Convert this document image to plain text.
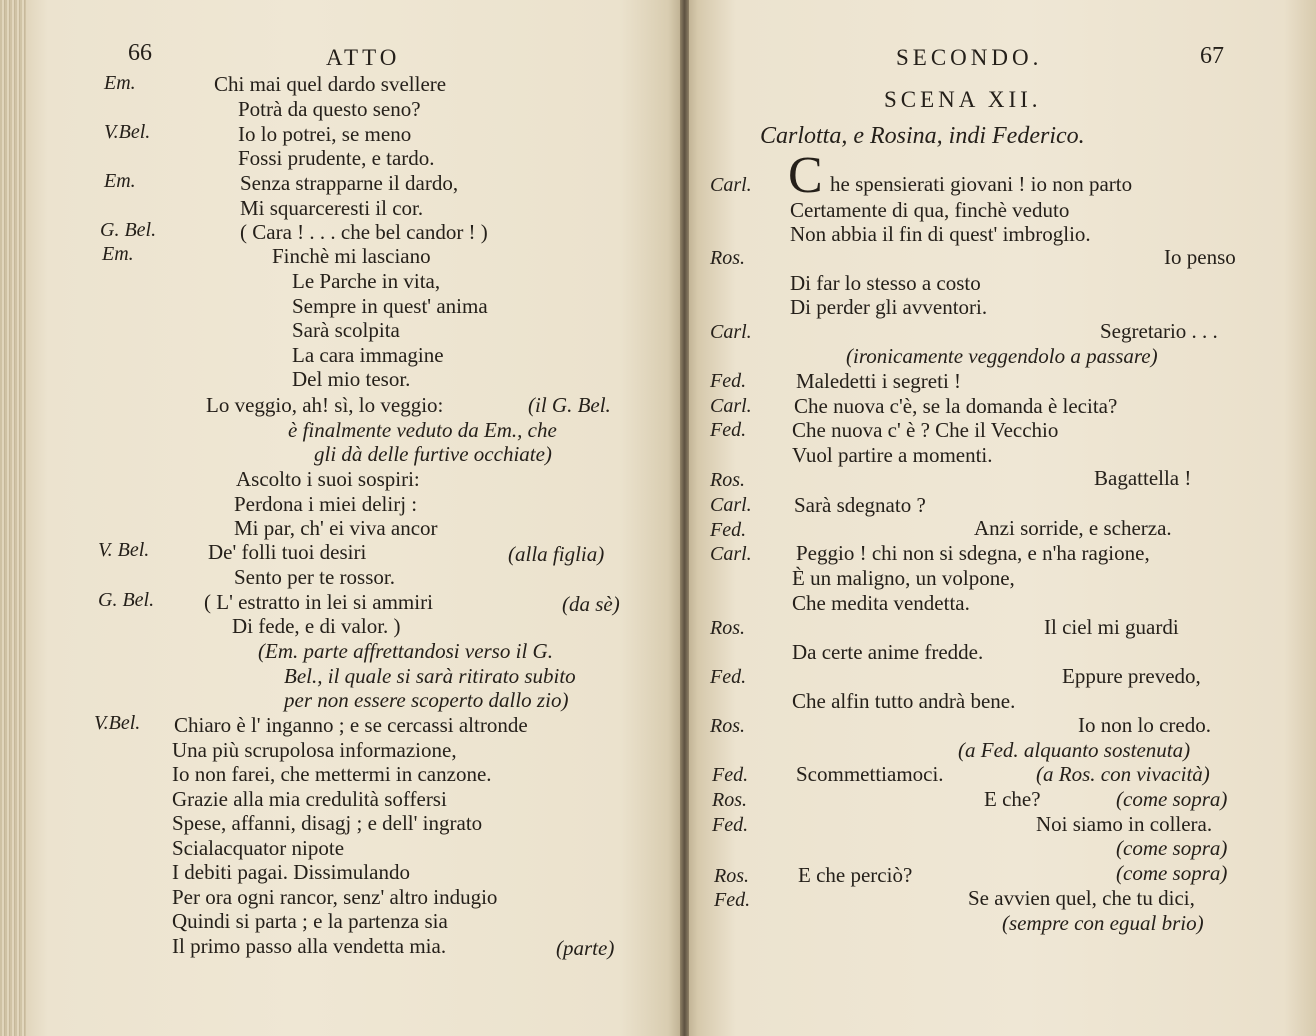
66	ATTO
Em.	Chi mai quel dardo svellere
Potrà da questo seno?
V.Bel.	Io lo potrei, se meno
Fossi prudente, e tardo.
Em.	Senza strapparne il dardo,
Mi squarceresti il cor.
G. Bel.	( Cara ! . . . che bel candor ! )
Em.	Finchè mi lasciano
Le Parche in vita,
Sempre in quest' anima
Sarà scolpita
La cara immagine
Del mio tesor.
Lo veggio, ah! sì, lo veggio:	(il G. Bel.
è finalmente veduto da Em., che
gli dà delle furtive occhiate)
Ascolto i suoi sospiri:
Perdona i miei delirj :
Mi par, ch' ei viva ancor
V. Bel.	De' folli tuoi desiri	(alla figlia)
Sento per te rossor.
G. Bel. ( L' estratto in lei si ammiri	(da sè)
Di fede, e di valor. )
(Em. parte affrettandosi verso il G.
Bel., il quale si sarà ritirato subito
per non essere scoperto dallo zio)
V.Bel. Chiaro è l' inganno ; e se cercassi altronde
Una più scrupolosa informazione,
Io non farei, che mettermi in canzone.
Grazie alla mia credulità soffersi
Spese, affanni, disagj ; e dell' ingrato
Scialacquator nipote
I debiti pagai. Dissimulando
Per ora ogni rancor, senz' altro indugio
Quindi si parta ; e la partenza sia
Il primo passo alla vendetta mia.	(parte)
SECONDO.	67
SCENA XII.
Carlotta, e Rosina, indi Federico.
Carl. C he spensierati giovani ! io non parto
Certamente di qua, finchè veduto
Non abbia il fin di quest' imbroglio.
Ros.	Io penso
Di far lo stesso a costo
Di perder gli avventori.
Carl.	Segretario . . .
(ironicamente veggendolo a passare)
Fed. Maledetti i segreti !
Carl. Che nuova c'è, se la domanda è lecita?
Fed. Che nuova c' è ? Che il Vecchio
Vuol partire a momenti.
Ros.	Bagattella !
Carl. Sarà sdegnato ?
Fed.	Anzi sorride, e scherza.
Carl. Peggio ! chi non si sdegna, e n'ha ragione,
È un maligno, un volpone,
Che medita vendetta.
Ros.	Il ciel mi guardi
Da certe anime fredde.
Fed.	Eppure prevedo,
Che alfin tutto andrà bene.
Ros.	Io non lo credo.
(a Fed. alquanto sostenuta)
Fed. Scommettiamoci.	(a Ros. con vivacità)
Ros.	E che?	(come sopra)
Fed.	Noi siamo in collera.
(come sopra)
Ros. E che perciò?	(come sopra)
Fed.	Se avvien quel, che tu dici,
(sempre con egual brio)
